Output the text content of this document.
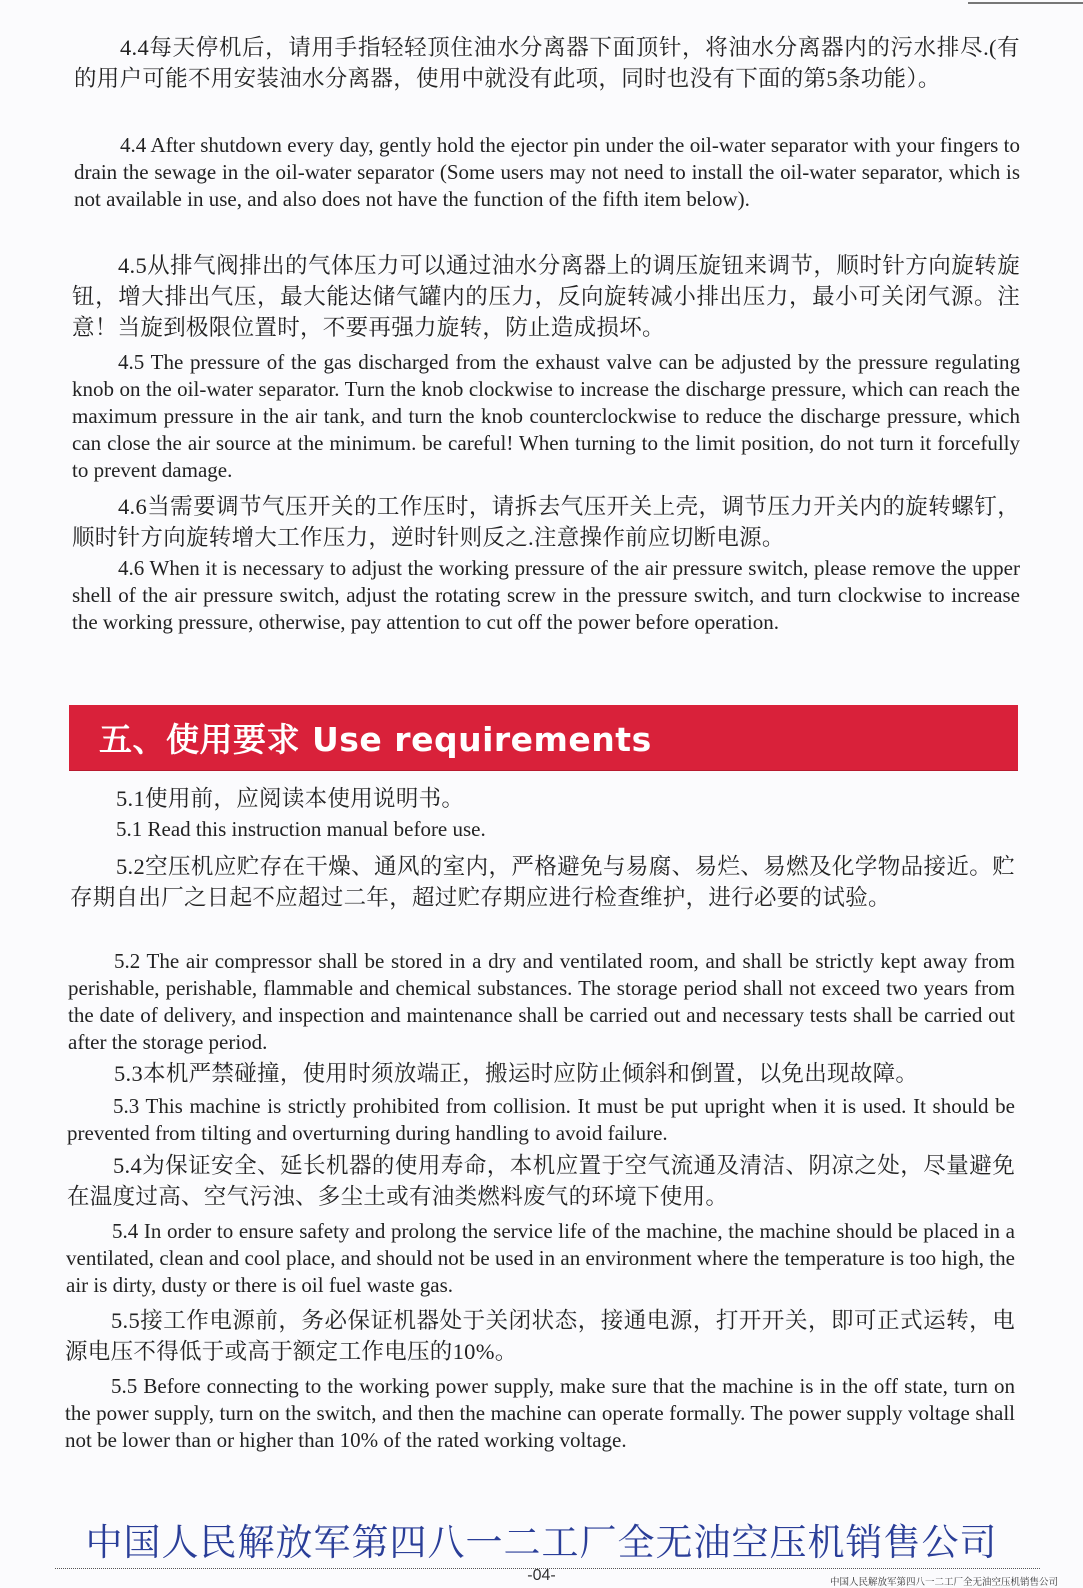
4.4每天停机后，请用手指轻轻顶住油水分离器下面顶针，将油水分离器内的污水排尽.(有的用户可能不用安装油水分离器，使用中就没有此项，同时也没有下面的第5条功能）。

4.4 After shutdown every day, gently hold the ejector pin under the oil-water separator with your fingers to drain the sewage in the oil-water separator (Some users may not need to install the oil-water separator, which is not available in use, and also does not have the function of the fifth item below).

4.5从排气阀排出的气体压力可以通过油水分离器上的调压旋钮来调节，顺时针方向旋转旋钮，增大排出气压，最大能达储气罐内的压力，反向旋转减小排出压力，最小可关闭气源。注意！当旋到极限位置时，不要再强力旋转，防止造成损坏。

4.5 The pressure of the gas discharged from the exhaust valve can be adjusted by the pressure regulating knob on the oil-water separator. Turn the knob clockwise to increase the discharge pressure, which can reach the maximum pressure in the air tank, and turn the knob counterclockwise to reduce the discharge pressure, which can close the air source at the minimum. be careful! When turning to the limit position, do not turn it forcefully to prevent damage.

4.6当需要调节气压开关的工作压时，请拆去气压开关上壳，调节压力开关内的旋转螺钉，顺时针方向旋转增大工作压力，逆时针则反之.注意操作前应切断电源。

4.6 When it is necessary to adjust the working pressure of the air pressure switch, please remove the upper shell of the air pressure switch, adjust the rotating screw in the pressure switch, and turn clockwise to increase the working pressure, otherwise, pay attention to cut off the power before operation.

五、使用要求 Use requirements

5.1使用前，应阅读本使用说明书。

5.1 Read this instruction manual before use.

5.2空压机应贮存在干燥、通风的室内，严格避免与易腐、易烂、易燃及化学物品接近。贮存期自出厂之日起不应超过二年，超过贮存期应进行检查维护，进行必要的试验。

5.2 The air compressor shall be stored in a dry and ventilated room, and shall be strictly kept away from perishable, perishable, flammable and chemical substances. The storage period shall not exceed two years from the date of delivery, and inspection and maintenance shall be carried out and necessary tests shall be carried out after the storage period.

5.3本机严禁碰撞，使用时须放端正，搬运时应防止倾斜和倒置，以免出现故障。

5.3 This machine is strictly prohibited from collision. It must be put upright when it is used. It should be prevented from tilting and overturning during handling to avoid failure.

5.4为保证安全、延长机器的使用寿命，本机应置于空气流通及清洁、阴凉之处，尽量避免在温度过高、空气污浊、多尘土或有油类燃料废气的环境下使用。

5.4 In order to ensure safety and prolong the service life of the machine, the machine should be placed in a ventilated, clean and cool place, and should not be used in an environment where the temperature is too high, the air is dirty, dusty or there is oil fuel waste gas.

5.5接工作电源前，务必保证机器处于关闭状态，接通电源，打开开关，即可正式运转，电源电压不得低于或高于额定工作电压的10%。

5.5 Before connecting to the working power supply, make sure that the machine is in the off state, turn on the power supply, turn on the switch, and then the machine can operate formally. The power supply voltage shall not be lower than or higher than 10% of the rated working voltage.

中国人民解放军第四八一二工厂全无油空压机销售公司
-04-	中国人民解放军第四八一二工厂全无油空压机销售公司
